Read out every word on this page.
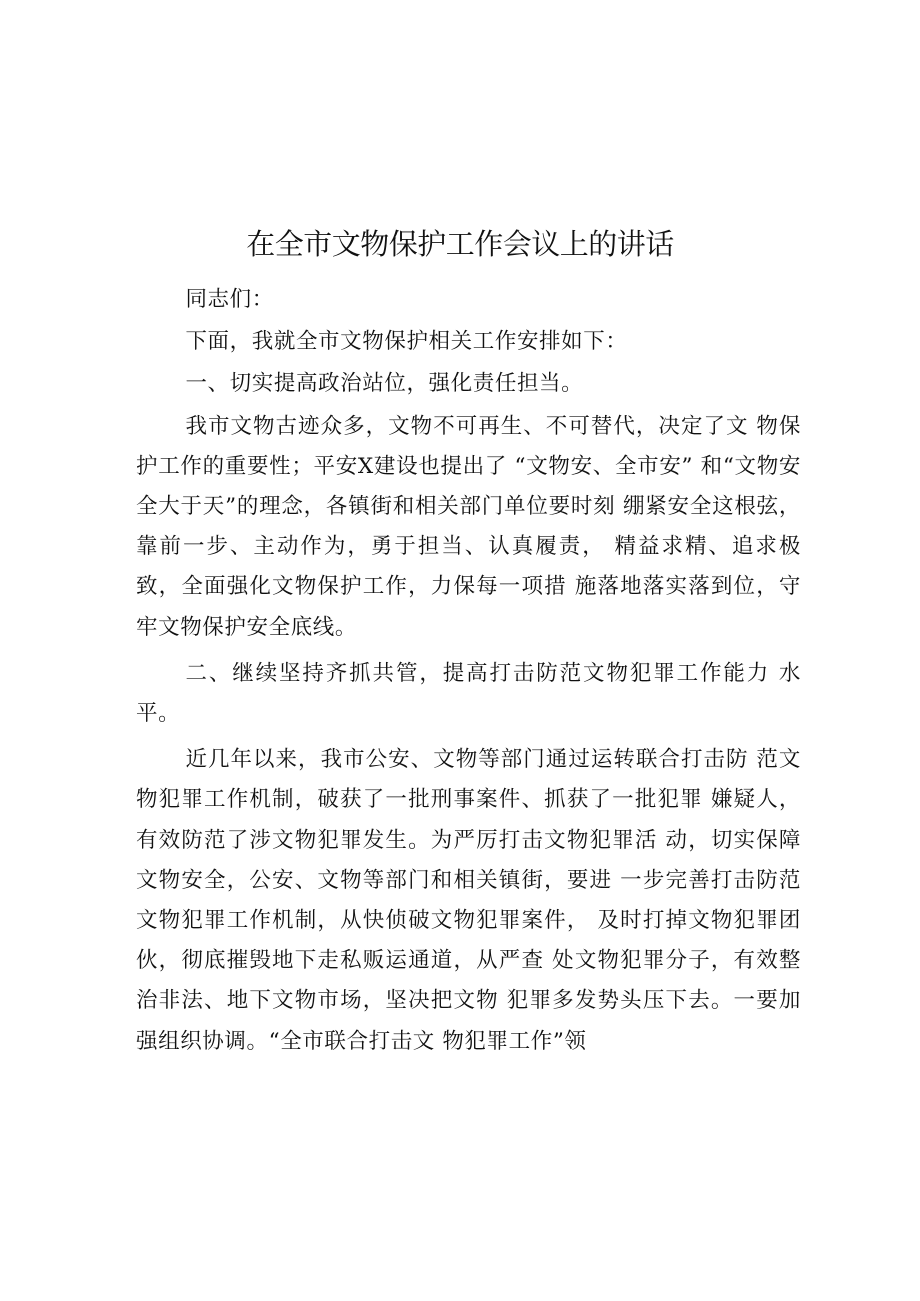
在全市文物保护工作会议上的讲话

同志们：

下面，我就全市文物保护相关工作安排如下：

一、切实提高政治站位，强化责任担当。

我市文物古迹众多，文物不可再生、不可替代，决定了文 物保护工作的重要性；平安X建设也提出了 “文物安、全市安” 和“文物安全大于天”的理念，各镇街和相关部门单位要时刻 绷紧安全这根弦，靠前一步、主动作为，勇于担当、认真履责， 精益求精、追求极致，全面强化文物保护工作，力保每一项措 施落地落实落到位，守牢文物保护安全底线。

二、继续坚持齐抓共管，提高打击防范文物犯罪工作能力 水平。

近几年以来，我市公安、文物等部门通过运转联合打击防 范文物犯罪工作机制，破获了一批刑事案件、抓获了一批犯罪 嫌疑人，有效防范了涉文物犯罪发生。为严厉打击文物犯罪活 动，切实保障文物安全，公安、文物等部门和相关镇街，要进 一步完善打击防范文物犯罪工作机制，从快侦破文物犯罪案件， 及时打掉文物犯罪团伙，彻底摧毁地下走私贩运通道，从严查 处文物犯罪分子，有效整治非法、地下文物市场，坚决把文物 犯罪多发势头压下去。一要加强组织协调。“全市联合打击文 物犯罪工作”领
